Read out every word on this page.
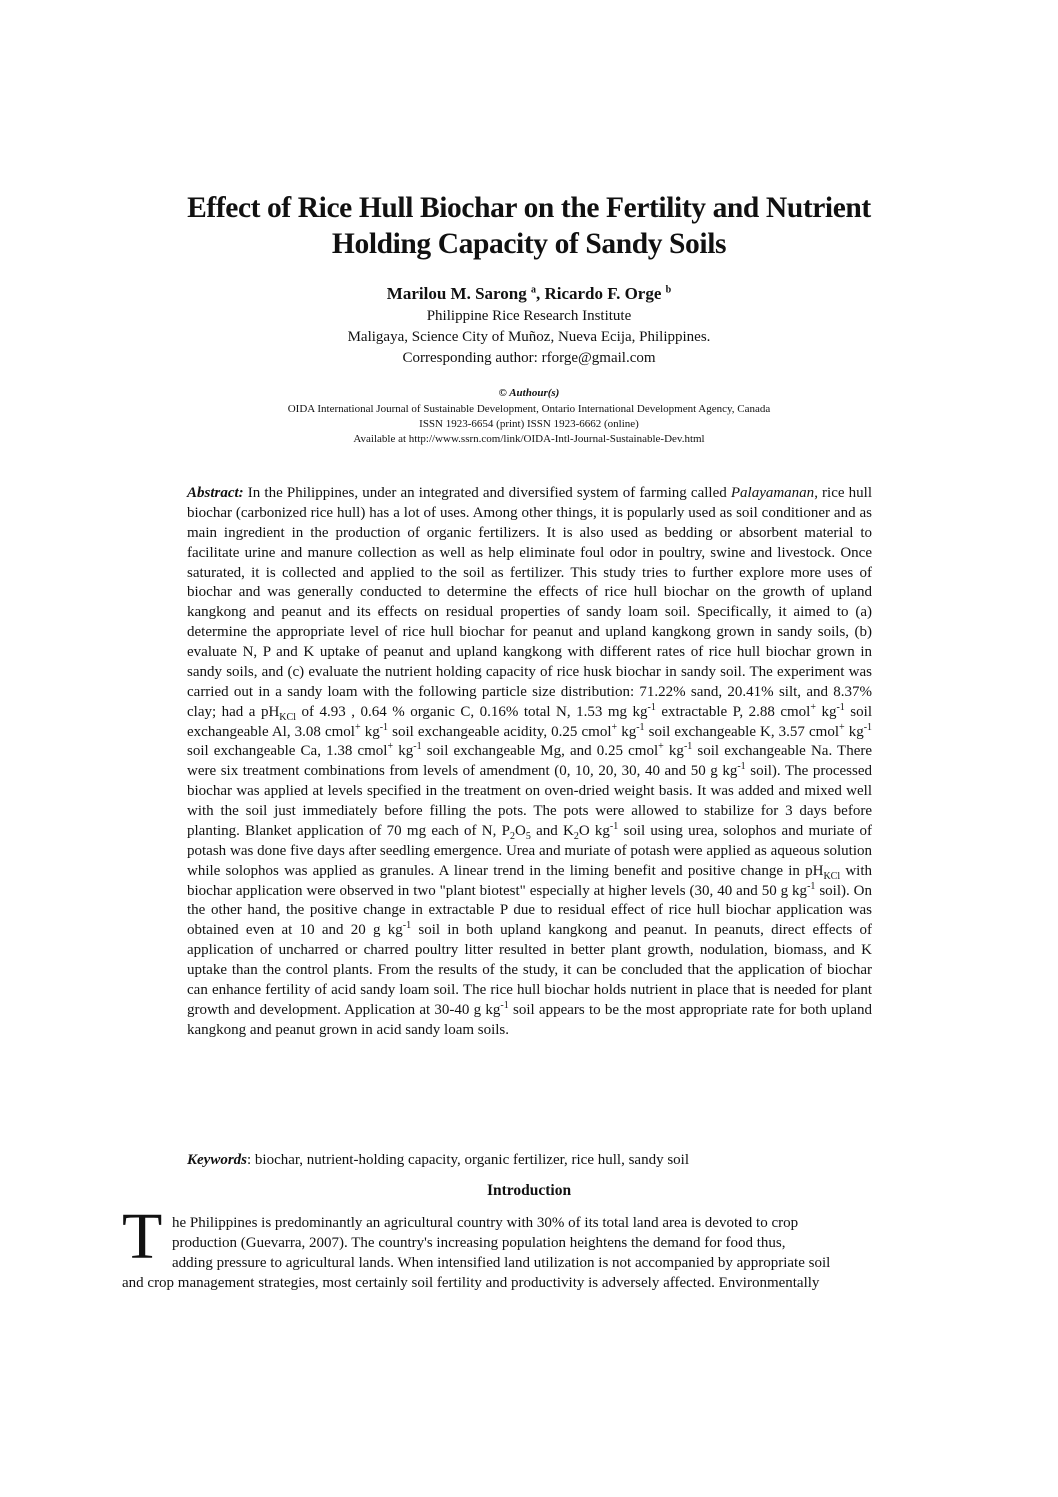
Effect of Rice Hull Biochar on the Fertility and Nutrient
Holding Capacity of Sandy Soils
Marilou M. Sarong $^a$, Ricardo F. Orge $^b$
Philippine Rice Research Institute
Maligaya, Science City of Muñoz, Nueva Ecija, Philippines.
Corresponding author: rforge@gmail.com
© Authour(s)
OIDA International Journal of Sustainable Development, Ontario International Development Agency, Canada
ISSN 1923-6654 (print) ISSN 1923-6662 (online)
Available at http://www.ssrn.com/link/OIDA-Intl-Journal-Sustainable-Dev.html

Abstract: In the Philippines, under an integrated and diversified system of farming called Palayamanan, rice hull biochar (carbonized rice hull) has a lot of uses. Among other things, it is popularly used as soil conditioner and as main ingredient in the production of organic fertilizers. It is also used as bedding or absorbent material to facilitate urine and manure collection as well as help eliminate foul odor in poultry, swine and livestock. Once saturated, it is collected and applied to the soil as fertilizer. This study tries to further explore more uses of biochar and was generally conducted to determine the effects of rice hull biochar on the growth of upland kangkong and peanut and its effects on residual properties of sandy loam soil. Specifically, it aimed to (a) determine the appropriate level of rice hull biochar for peanut and upland kangkong grown in sandy soils, (b) evaluate N, P and K uptake of peanut and upland kangkong with different rates of rice hull biochar grown in sandy soils, and (c) evaluate the nutrient holding capacity of rice husk biochar in sandy soil. The experiment was carried out in a sandy loam with the following particle size distribution: 71.22% sand, 20.41% silt, and 8.37% clay; had a $pH_{KCl}$ of 4.93 , 0.64 % organic C, 0.16% total N, 1.53 mg $kg^{-1}$ extractable P, 2.88 cmol+ $kg^{-1}$ soil exchangeable Al, 3.08 cmol+ $kg^{-1}$ soil exchangeable acidity, 0.25 cmol+ $kg^{-1}$ soil exchangeable K, 3.57 cmol+ $kg^{-1}$ soil exchangeable Ca, 1.38 cmol+ $kg^{-1}$ soil exchangeable Mg, and 0.25 cmol+ $kg^{-1}$ soil exchangeable Na. There were six treatment combinations from levels of amendment (0, 10, 20, 30, 40 and 50 g $kg^{-1}$ soil). The processed biochar was applied at levels specified in the treatment on oven-dried weight basis. It was added and mixed well with the soil just immediately before filling the pots. The pots were allowed to stabilize for 3 days before planting. Blanket application of 70 mg each of N, $P_2O_5$ and $K_2O$ $kg^{-1}$ soil using urea, solophos and muriate of potash was done five days after seedling emergence. Urea and muriate of potash were applied as aqueous solution while solophos was applied as granules. A linear trend in the liming benefit and positive change in $pH_{KCl}$ with biochar application were observed in two "plant biotest" especially at higher levels (30, 40 and 50 g $kg^{-1}$ soil). On the other hand, the positive change in extractable P due to residual effect of rice hull biochar application was obtained even at 10 and 20 g $kg^{-1}$ soil in both upland kangkong and peanut. In peanuts, direct effects of application of uncharred or charred poultry litter resulted in better plant growth, nodulation, biomass, and K uptake than the control plants. From the results of the study, it can be concluded that the application of biochar can enhance fertility of acid sandy loam soil. The rice hull biochar holds nutrient in place that is needed for plant growth and development. Application at 30-40 g $kg^{-1}$ soil appears to be the most appropriate rate for both upland kangkong and peanut grown in acid sandy loam soils.

Keywords: biochar, nutrient-holding capacity, organic fertilizer, rice hull, sandy soil

Introduction
T he Philippines is predominantly an agricultural country with 30% of its total land area is devoted to crop
production (Guevarra, 2007). The country's increasing population heightens the demand for food thus,
adding pressure to agricultural lands. When intensified land utilization is not accompanied by appropriate soil

and crop management strategies, most certainly soil fertility and productivity is adversely affected. Environmentally
